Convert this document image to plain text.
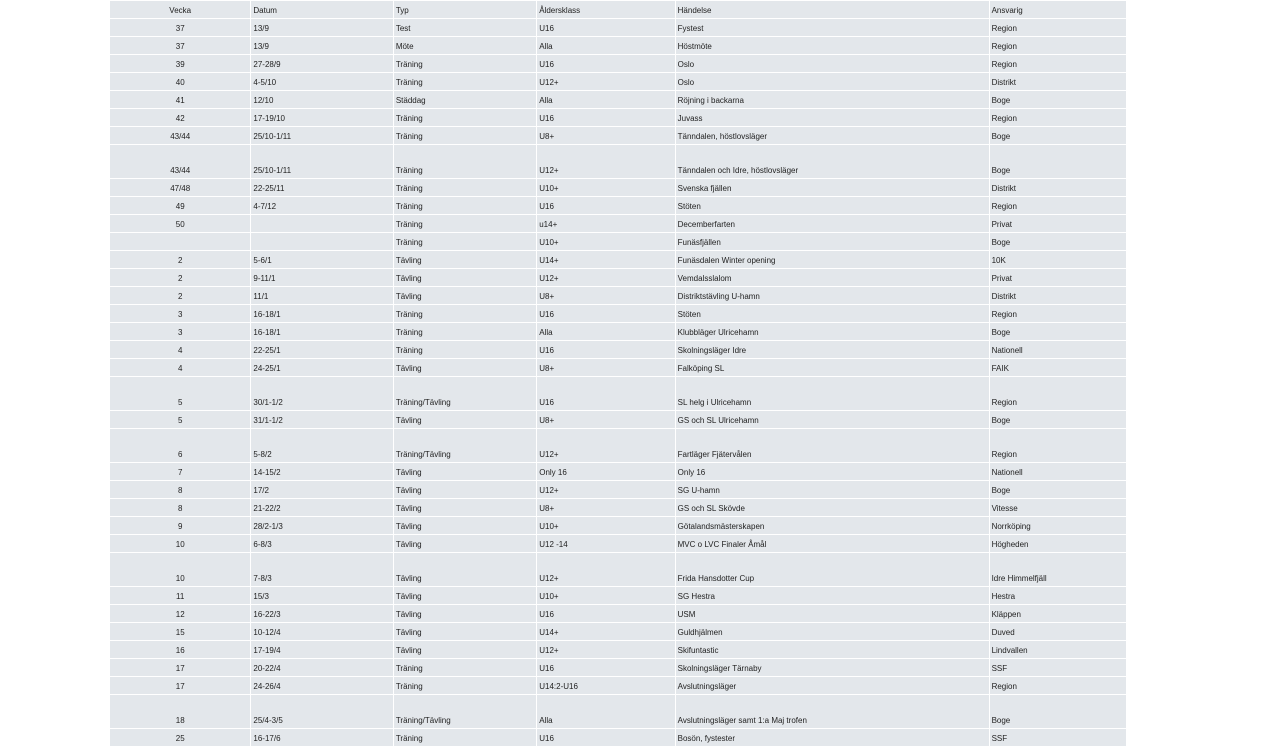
Vecka	Datum	Typ	Åldersklass	Händelse	Ansvarig
37	13/9	Test	U16	Fystest	Region
37	13/9	Möte	Alla	Höstmöte	Region
39	27-28/9	Träning	U16	Oslo	Region
40	4-5/10	Träning	U12+	Oslo	Distrikt
41	12/10	Städdag	Alla	Röjning i backarna	Boge
42	17-19/10	Träning	U16	Juvass	Region
43/44	25/10-1/11	Träning	U8+	Tänndalen, höstlovsläger	Boge
43/44	25/10-1/11	Träning	U12+	Tänndalen och Idre, höstlovsläger	Boge
47/48	22-25/11	Träning	U10+	Svenska fjällen	Distrikt
49	4-7/12	Träning	U16	Stöten	Region
50		Träning	u14+	Decemberfarten	Privat
		Träning	U10+	Funäsfjällen	Boge
2	5-6/1	Tävling	U14+	Funäsdalen Winter opening	10K
2	9-11/1	Tävling	U12+	Vemdalsslalom	Privat
2	11/1	Tävling	U8+	Distriktstävling U-hamn	Distrikt
3	16-18/1	Träning	U16	Stöten	Region
3	16-18/1	Träning	Alla	Klubbläger Ulricehamn	Boge
4	22-25/1	Träning	U16	Skolningsläger Idre	Nationell
4	24-25/1	Tävling	U8+	Falköping SL	FAIK
5	30/1-1/2	Träning/Tävling	U16	SL helg i Ulricehamn	Region
5	31/1-1/2	Tävling	U8+	GS och SL Ulricehamn	Boge
6	5-8/2	Träning/Tävling	U12+	Fartläger Fjätervålen	Region
7	14-15/2	Tävling	Only 16	Only 16	Nationell
8	17/2	Tävling	U12+	SG U-hamn	Boge
8	21-22/2	Tävling	U8+	GS och SL Skövde	Vitesse
9	28/2-1/3	Tävling	U10+	Götalandsmästerskapen	Norrköping
10	6-8/3	Tävling	U12 -14	MVC o LVC Finaler Åmål	Högheden
10	7-8/3	Tävling	U12+	Frida Hansdotter Cup	Idre Himmelfjäll
11	15/3	Tävling	U10+	SG Hestra	Hestra
12	16-22/3	Tävling	U16	USM	Kläppen
15	10-12/4	Tävling	U14+	Guldhjälmen	Duved
16	17-19/4	Tävling	U12+	Skifuntastic	Lindvallen
17	20-22/4	Träning	U16	Skolningsläger Tärnaby	SSF
17	24-26/4	Träning	U14:2-U16	Avslutningsläger	Region
18	25/4-3/5	Träning/Tävling	Alla	Avslutningsläger samt 1:a Maj trofen	Boge
25	16-17/6	Träning	U16	Bosön, fystester	SSF
